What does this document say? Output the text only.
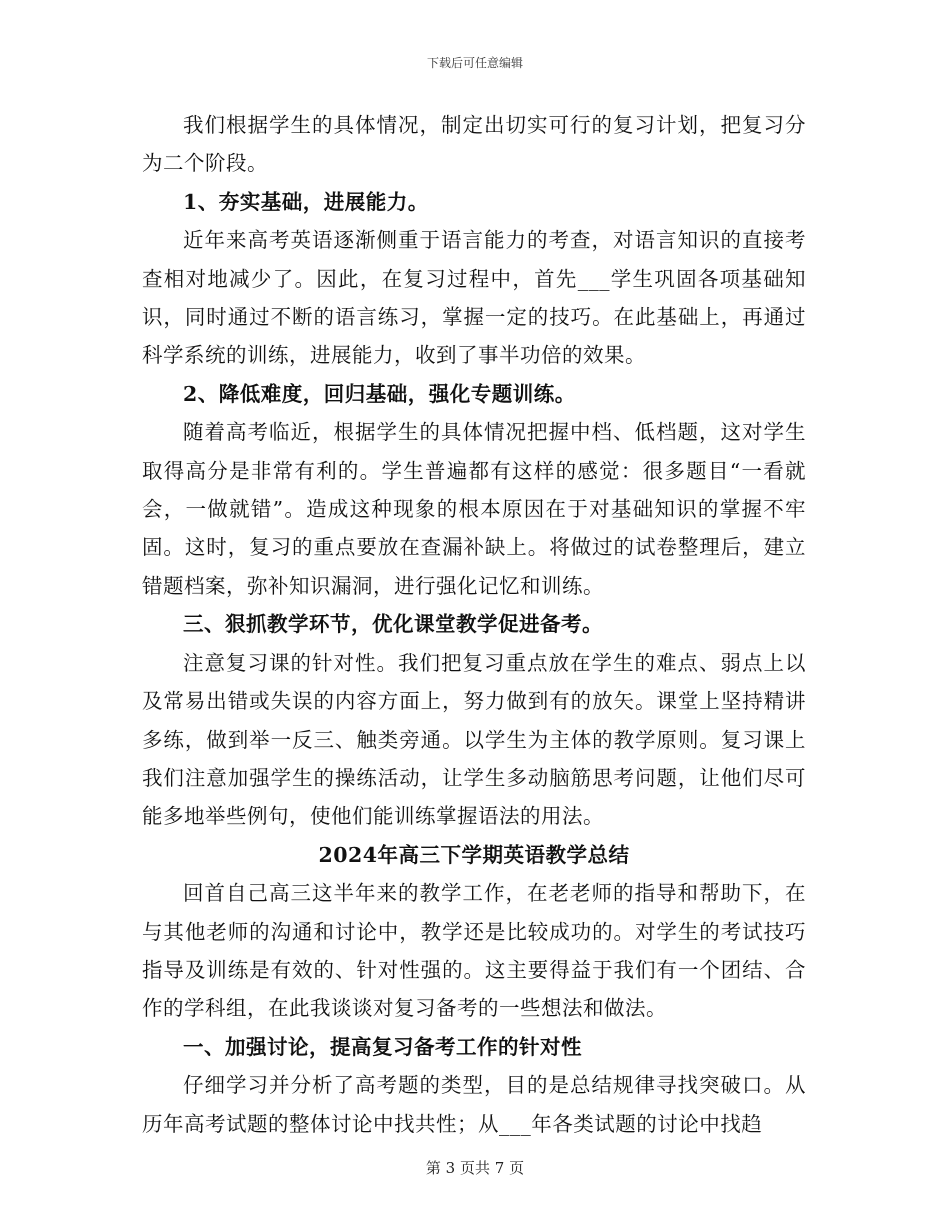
下载后可任意编辑

我们根据学生的具体情况，制定出切实可行的复习计划，把复习分为二个阶段。

1、夯实基础，进展能力。

近年来高考英语逐渐侧重于语言能力的考查，对语言知识的直接考查相对地减少了。因此，在复习过程中，首先___学生巩固各项基础知识，同时通过不断的语言练习，掌握一定的技巧。在此基础上，再通过科学系统的训练，进展能力，收到了事半功倍的效果。

2、降低难度，回归基础，强化专题训练。

随着高考临近，根据学生的具体情况把握中档、低档题，这对学生取得高分是非常有利的。学生普遍都有这样的感觉：很多题目“一看就会，一做就错”。造成这种现象的根本原因在于对基础知识的掌握不牢固。这时，复习的重点要放在查漏补缺上。将做过的试卷整理后，建立错题档案，弥补知识漏洞，进行强化记忆和训练。

三、狠抓教学环节，优化课堂教学促进备考。

注意复习课的针对性。我们把复习重点放在学生的难点、弱点上以及常易出错或失误的内容方面上，努力做到有的放矢。课堂上坚持精讲多练，做到举一反三、触类旁通。以学生为主体的教学原则。复习课上我们注意加强学生的操练活动，让学生多动脑筋思考问题，让他们尽可能多地举些例句，使他们能训练掌握语法的用法。

2024年高三下学期英语教学总结

回首自己高三这半年来的教学工作，在老老师的指导和帮助下，在与其他老师的沟通和讨论中，教学还是比较成功的。对学生的考试技巧指导及训练是有效的、针对性强的。这主要得益于我们有一个团结、合作的学科组，在此我谈谈对复习备考的一些想法和做法。

一、加强讨论，提高复习备考工作的针对性

仔细学习并分析了高考题的类型，目的是总结规律寻找突破口。从历年高考试题的整体讨论中找共性；从___年各类试题的讨论中找趋

第 3 页共 7 页
